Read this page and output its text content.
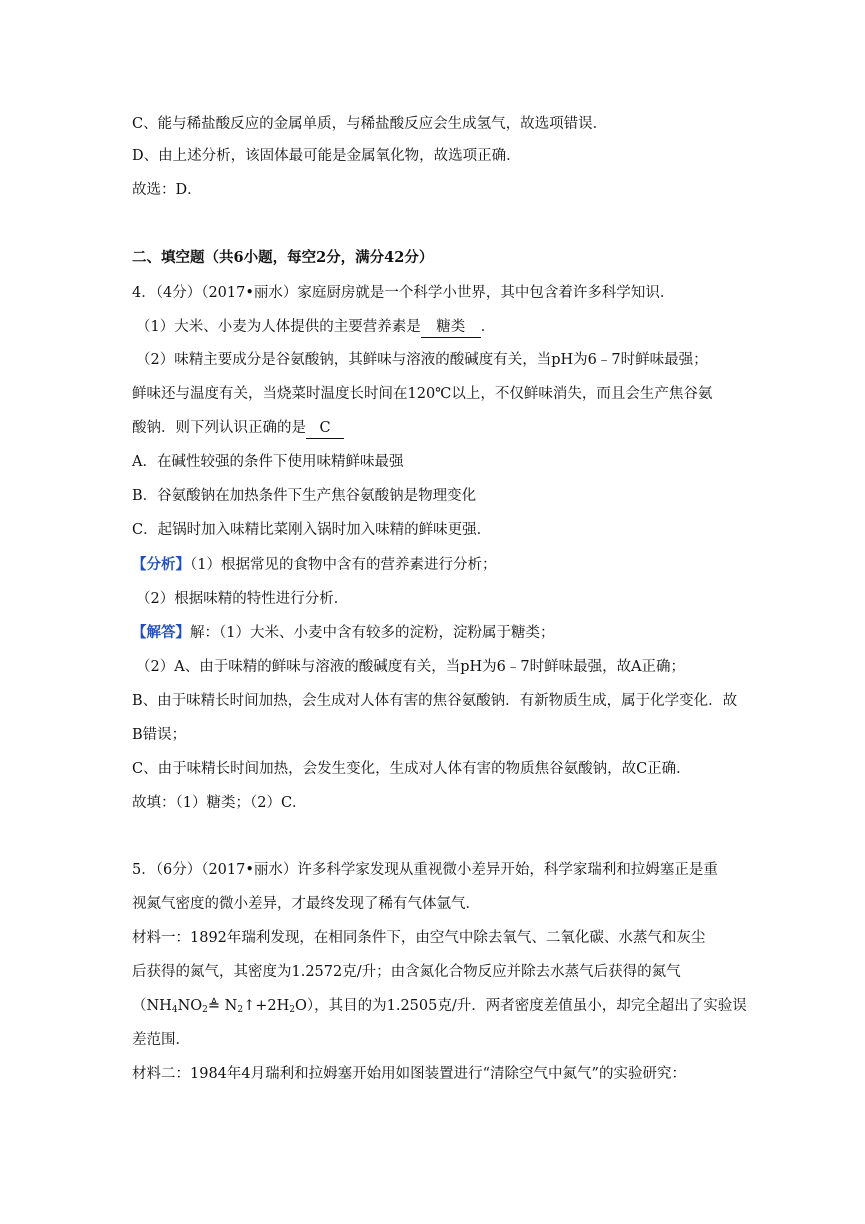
C、能与稀盐酸反应的金属单质，与稀盐酸反应会生成氢气，故选项错误．
D、由上述分析，该固体最可能是金属氧化物，故选项正确．
故选：D．
二、填空题（共6小题，每空2分，满分42分）
4．（4分）（2017•丽水）家庭厨房就是一个科学小世界，其中包含着许多科学知识．
（1）大米、小麦为人体提供的主要营养素是 糖类 ．
（2）味精主要成分是谷氨酸钠，其鲜味与溶液的酸碱度有关，当pH为6﹣7时鲜味最强；
鲜味还与温度有关，当烧菜时温度长时间在120℃以上，不仅鲜味消失，而且会生产焦谷氨
酸钠．则下列认识正确的是 C
A．在碱性较强的条件下使用味精鲜味最强
B．谷氨酸钠在加热条件下生产焦谷氨酸钠是物理变化
C．起锅时加入味精比菜刚入锅时加入味精的鲜味更强．
【分析】（1）根据常见的食物中含有的营养素进行分析；
（2）根据味精的特性进行分析．
【解答】解：（1）大米、小麦中含有较多的淀粉，淀粉属于糖类；
（2）A、由于味精的鲜味与溶液的酸碱度有关，当pH为6﹣7时鲜味最强，故A正确；
B、由于味精长时间加热，会生成对人体有害的焦谷氨酸钠．有新物质生成，属于化学变化．故
B错误；
C、由于味精长时间加热，会发生变化，生成对人体有害的物质焦谷氨酸钠，故C正确．
故填：（1）糖类；（2）C．
5．（6分）（2017•丽水）许多科学家发现从重视微小差异开始，科学家瑞利和拉姆塞正是重
视氮气密度的微小差异，才最终发现了稀有气体氩气．
材料一：1892年瑞利发现，在相同条件下，由空气中除去氧气、二氧化碳、水蒸气和灰尘
后获得的氮气，其密度为1.2572克/升；由含氮化合物反应并除去水蒸气后获得的氮气
（$NH_4NO_2≜$ $N_2↑+2H_2O$），其目的为1.2505克/升．两者密度差值虽小，却完全超出了实验误
差范围．
材料二：1984年4月瑞利和拉姆塞开始用如图装置进行“清除空气中氮气”的实验研究：
